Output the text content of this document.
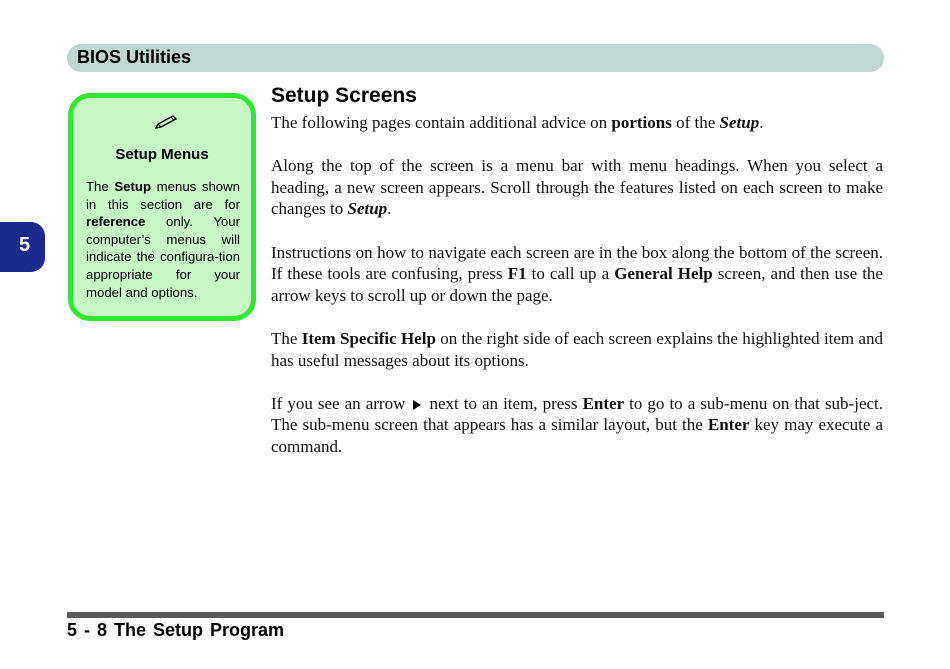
BIOS Utilities
5
Setup Menus
The Setup menus shown in this section are for reference only. Your computer’s menus will indicate the configura-tion appropriate for your model and options.
Setup Screens

The following pages contain additional advice on portions of the Setup.

Along the top of the screen is a menu bar with menu headings. When you select a heading, a new screen appears. Scroll through the features listed on each screen to make changes to Setup.

Instructions on how to navigate each screen are in the box along the bottom of the screen. If these tools are confusing, press F1 to call up a General Help screen, and then use the arrow keys to scroll up or down the page.

The Item Specific Help on the right side of each screen explains the highlighted item and has useful messages about its options.

If you see an arrow  next to an item, press Enter to go to a sub-menu on that sub-ject. The sub-menu screen that appears has a similar layout, but the Enter key may execute a command.

5 - 8 The Setup Program
